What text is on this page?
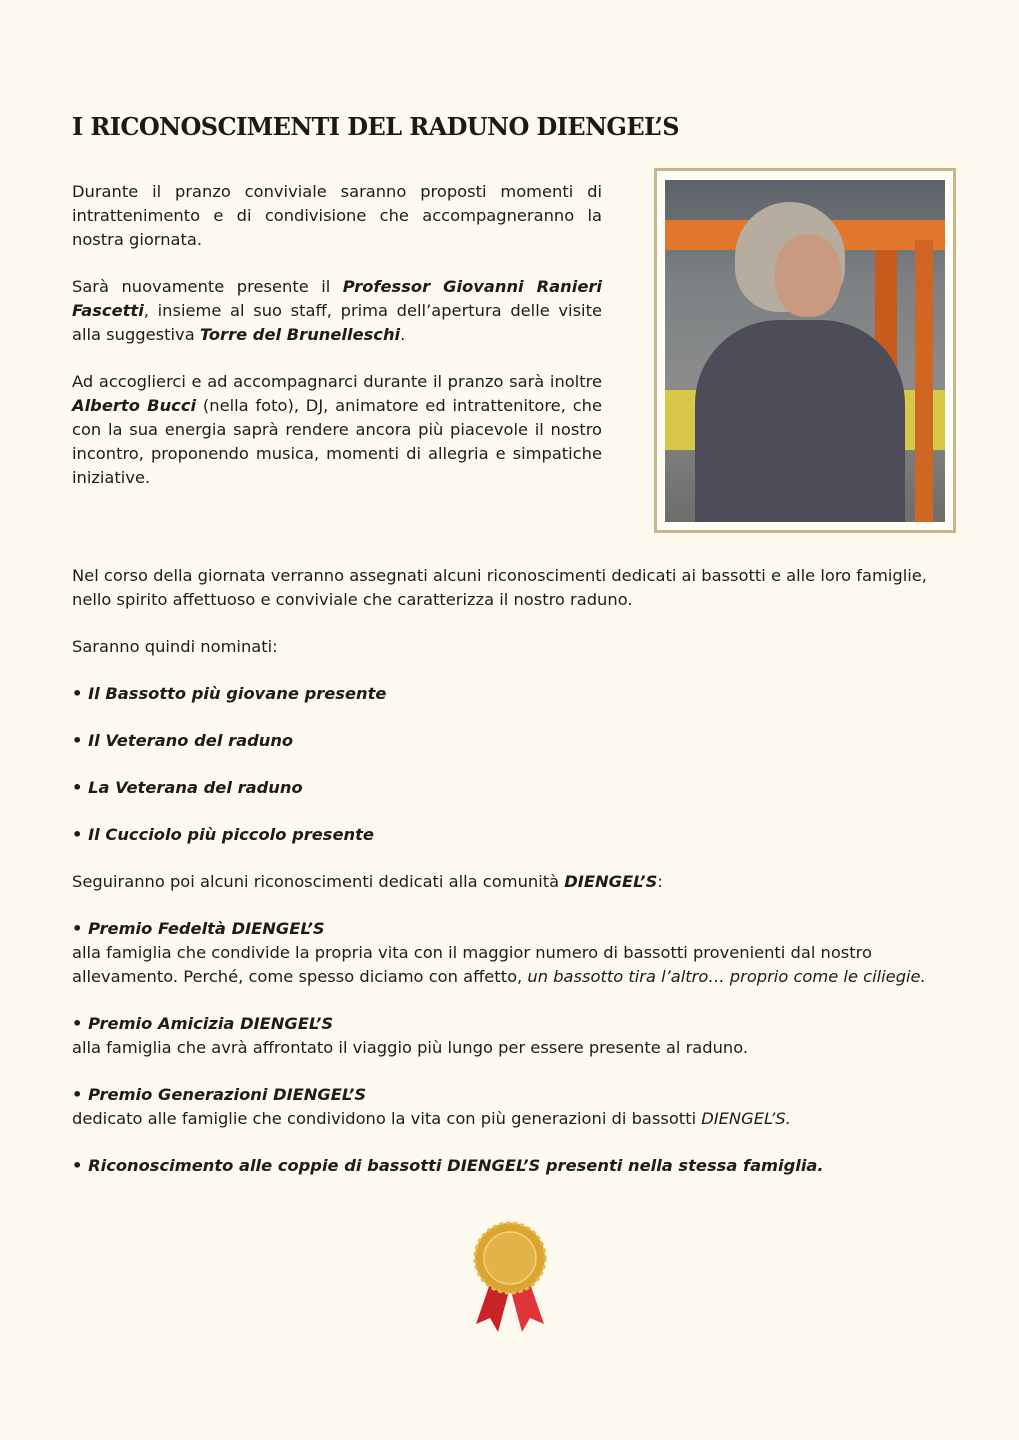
I RICONOSCIMENTI DEL RADUNO DIENGEL’S

Durante il pranzo conviviale saranno proposti momenti di intrattenimento e di condivisione che accompagneranno la nostra giornata.

Sarà nuovamente presente il Professor Giovanni Ranieri Fascetti, insieme al suo staff, prima dell’apertura delle visite alla suggestiva Torre del Brunelleschi.

Ad accoglierci e ad accompagnarci durante il pranzo sarà inoltre Alberto Bucci (nella foto), DJ, animatore ed intrattenitore, che con la sua energia saprà rendere ancora più piacevole il nostro incontro, proponendo musica, momenti di allegria e simpatiche iniziative.

Nel corso della giornata verranno assegnati alcuni riconoscimenti dedicati ai bassotti e alle loro famiglie, nello spirito affettuoso e conviviale che caratterizza il nostro raduno.

Saranno quindi nominati:

• Il Bassotto più giovane presente

• Il Veterano del raduno

• La Veterana del raduno

• Il Cucciolo più piccolo presente

Seguiranno poi alcuni riconoscimenti dedicati alla comunità DIENGEL’S:

• Premio Fedeltà DIENGEL’S

alla famiglia che condivide la propria vita con il maggior numero di bassotti provenienti dal nostro allevamento. Perché, come spesso diciamo con affetto, un bassotto tira l’altro… proprio come le ciliegie.

• Premio Amicizia DIENGEL’S

alla famiglia che avrà affrontato il viaggio più lungo per essere presente al raduno.

• Premio Generazioni DIENGEL’S

dedicato alle famiglie che condividono la vita con più generazioni di bassotti DIENGEL’S.

• Riconoscimento alle coppie di bassotti DIENGEL’S presenti nella stessa famiglia.
